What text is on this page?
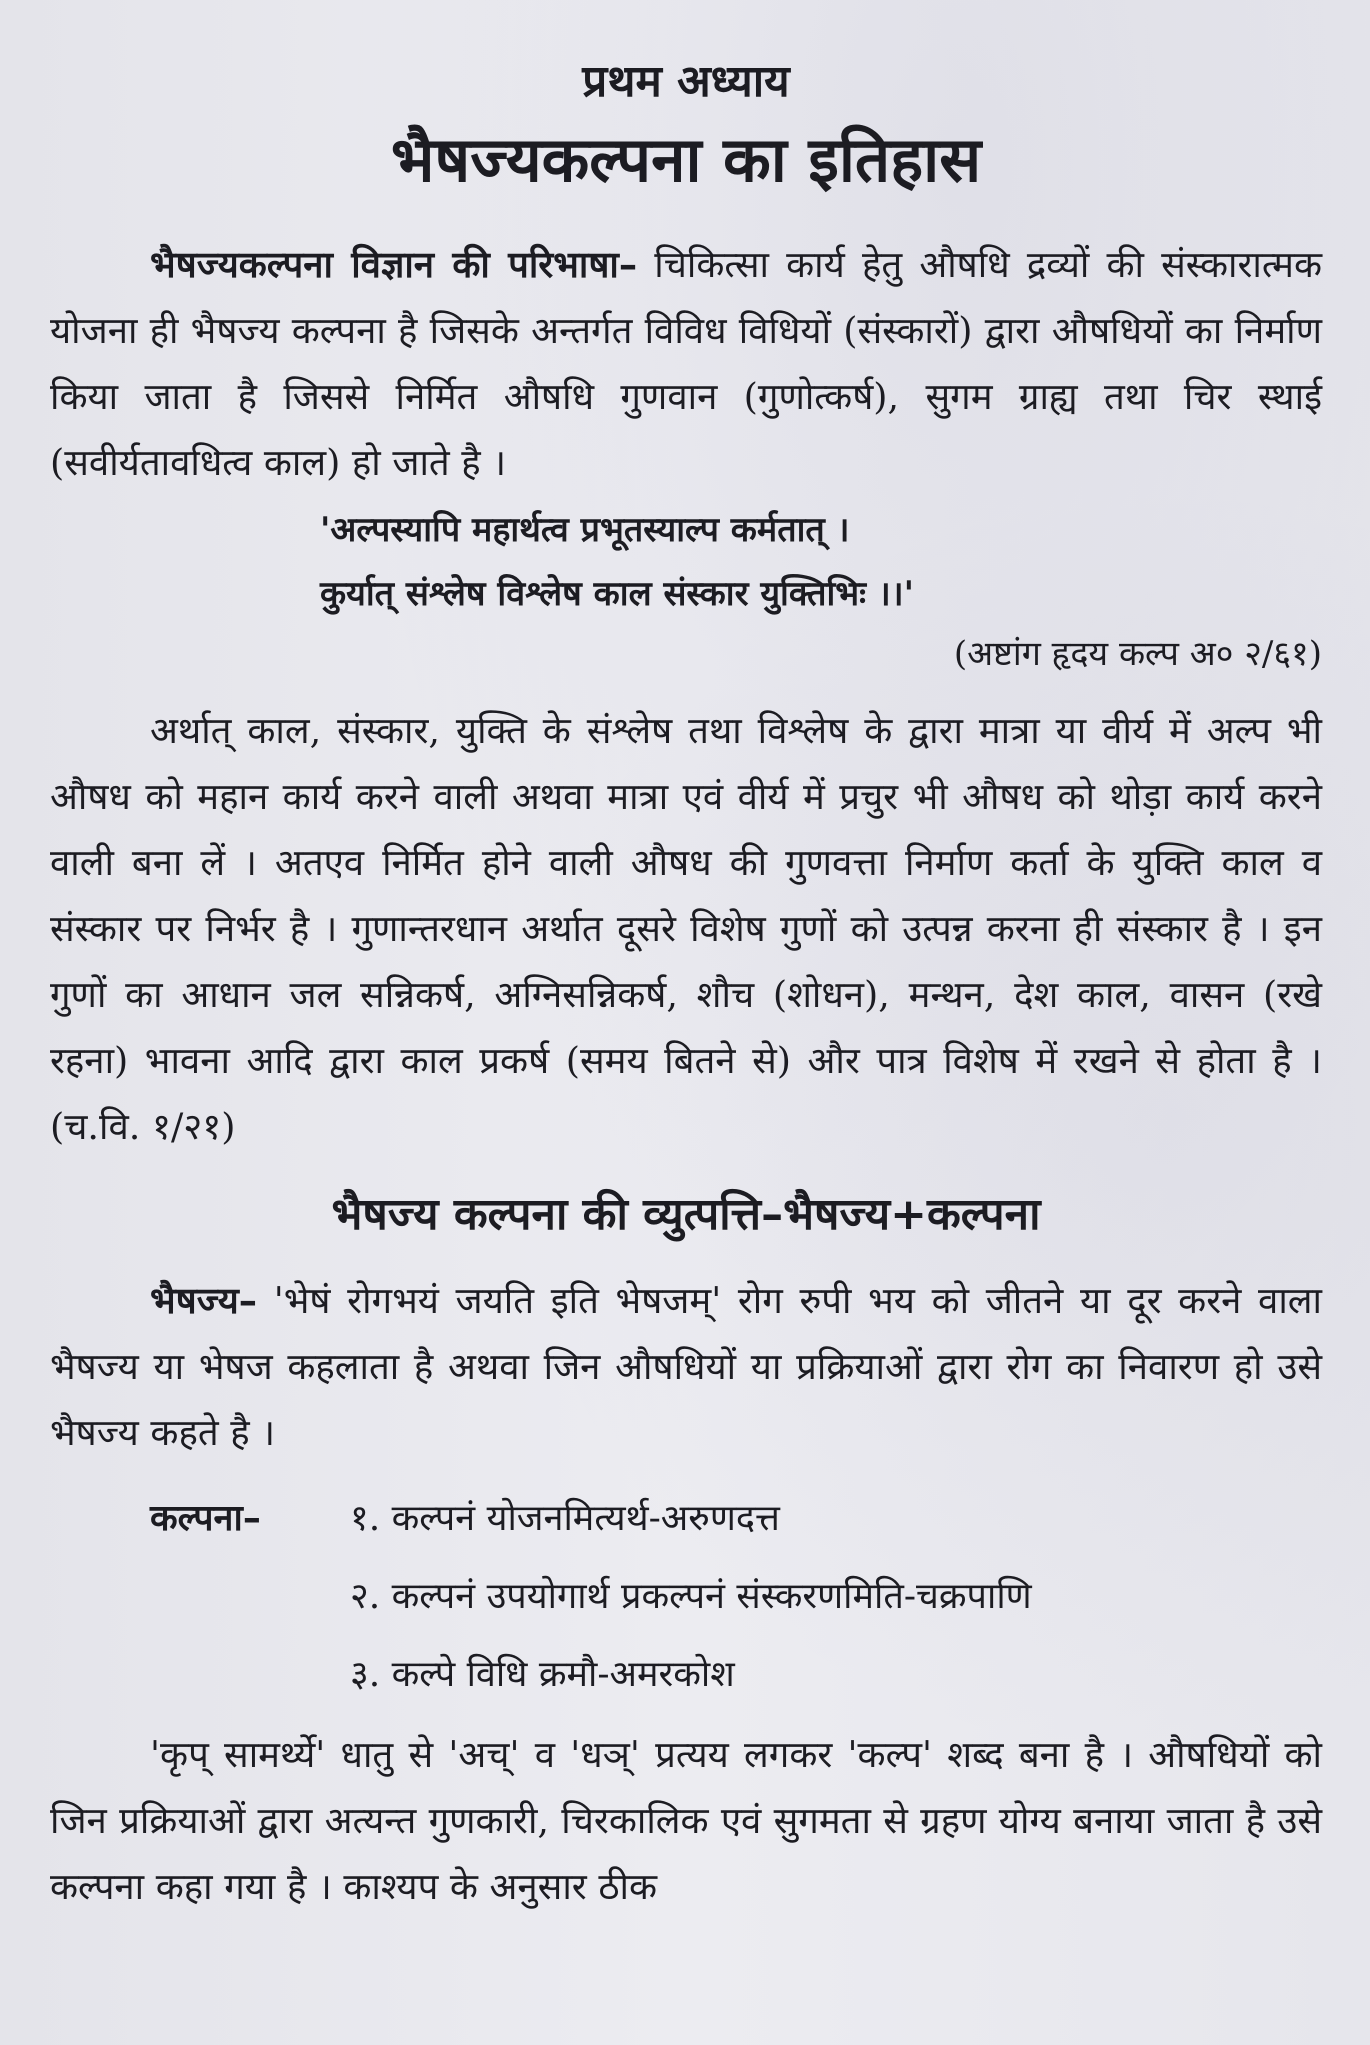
प्रथम अध्याय
भैषज्यकल्पना का इतिहास

भैषज्यकल्पना विज्ञान की परिभाषा– चिकित्सा कार्य हेतु औषधि द्रव्यों की संस्कारात्मक योजना ही भैषज्य कल्पना है जिसके अन्तर्गत विविध विधियों (संस्कारों) द्वारा औषधियों का निर्माण किया जाता है जिससे निर्मित औषधि गुणवान (गुणोत्कर्ष), सुगम ग्राह्य तथा चिर स्थाई (सवीर्यतावधित्व काल) हो जाते है ।

'अल्पस्यापि महार्थत्व प्रभूतस्याल्प कर्मतात् ।
कुर्यात् संश्लेष विश्लेष काल संस्कार युक्तिभिः ।।'
(अष्टांग हृदय कल्प अ० २/६१)

अर्थात् काल, संस्कार, युक्ति के संश्लेष तथा विश्लेष के द्वारा मात्रा या वीर्य में अल्प भी औषध को महान कार्य करने वाली अथवा मात्रा एवं वीर्य में प्रचुर भी औषध को थोड़ा कार्य करने वाली बना लें । अतएव निर्मित होने वाली औषध की गुणवत्ता निर्माण कर्ता के युक्ति काल व संस्कार पर निर्भर है । गुणान्तरधान अर्थात दूसरे विशेष गुणों को उत्पन्न करना ही संस्कार है । इन गुणों का आधान जल सन्निकर्ष, अग्निसन्निकर्ष, शौच (शोधन), मन्थन, देश काल, वासन (रखे रहना) भावना आदि द्वारा काल प्रकर्ष (समय बितने से) और पात्र विशेष में रखने से होता है । (च.वि. १/२१)

भैषज्य कल्पना की व्युत्पत्ति–भैषज्य+कल्पना

भैषज्य– 'भेषं रोगभयं जयति इति भेषजम्' रोग रुपी भय को जीतने या दूर करने वाला भैषज्य या भेषज कहलाता है अथवा जिन औषधियों या प्रक्रियाओं द्वारा रोग का निवारण हो उसे भैषज्य कहते है ।

कल्पना–	१. कल्पनं योजनमित्यर्थ-अरुणदत्त
२. कल्पनं उपयोगार्थ प्रकल्पनं संस्करणमिति-चक्रपाणि
३. कल्पे विधि क्रमौ-अमरकोश

'कृप् सामर्थ्ये' धातु से 'अच्' व 'धञ्' प्रत्यय लगकर 'कल्प' शब्द बना है । औषधियों को जिन प्रक्रियाओं द्वारा अत्यन्त गुणकारी, चिरकालिक एवं सुगमता से ग्रहण योग्य बनाया जाता है उसे कल्पना कहा गया है । काश्यप के अनुसार ठीक
